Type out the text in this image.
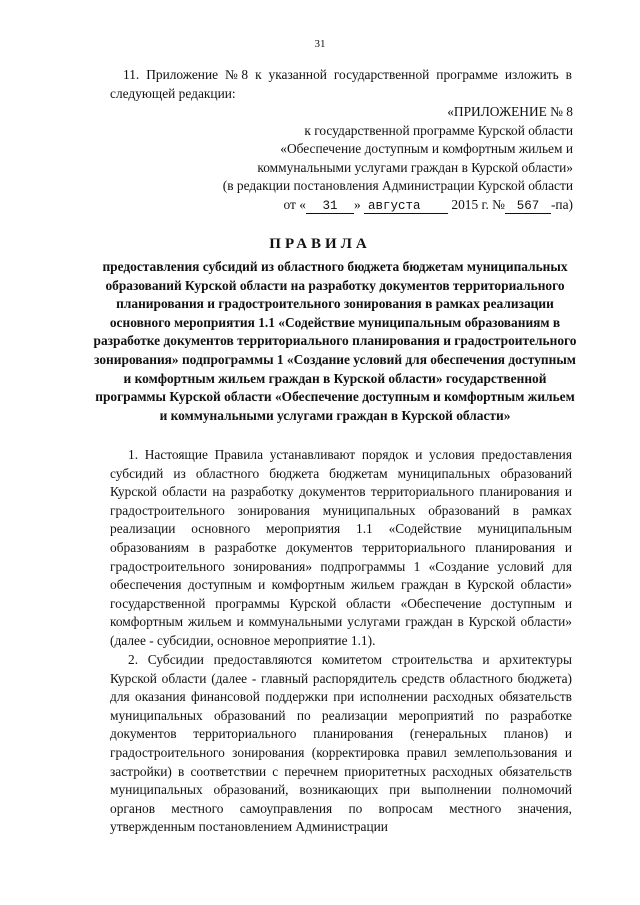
31

11. Приложение №8 к указанной государственной программе изложить в следующей редакции:

«ПРИЛОЖЕНИЕ № 8
к государственной программе Курской области
«Обеспечение доступным и комфортным жильем и
коммунальными услугами граждан в Курской области»
(в редакции постановления Администрации Курской области
от « 31 » августа 2015 г. № 567 -па)
ПРАВИЛА

предоставления субсидий из областного бюджета бюджетам муниципальных образований Курской области на разработку документов территориального планирования и градостроительного зонирования в рамках реализации основного мероприятия 1.1 «Содействие муниципальным образованиям в разработке документов территориального планирования и градостроительного зонирования» подпрограммы 1 «Создание условий для обеспечения доступным и комфортным жильем граждан в Курской области» государственной программы Курской области «Обеспечение доступным и комфортным жильем и коммунальными услугами граждан в Курской области»

1. Настоящие Правила устанавливают порядок и условия предоставления субсидий из областного бюджета бюджетам муниципальных образований Курской области на разработку документов территориального планирования и градостроительного зонирования муниципальных образований в рамках реализации основного мероприятия 1.1 «Содействие муниципальным образованиям в разработке документов территориального планирования и градостроительного зонирования» подпрограммы 1 «Создание условий для обеспечения доступным и комфортным жильем граждан в Курской области» государственной программы Курской области «Обеспечение доступным и комфортным жильем и коммунальными услугами граждан в Курской области» (далее - субсидии, основное мероприятие 1.1).

2. Субсидии предоставляются комитетом строительства и архитектуры Курской области (далее - главный распорядитель средств областного бюджета) для оказания финансовой поддержки при исполнении расходных обязательств муниципальных образований по реализации мероприятий по разработке документов территориального планирования (генеральных планов) и градостроительного зонирования (корректировка правил землепользования и застройки) в соответствии с перечнем приоритетных расходных обязательств муниципальных образований, возникающих при выполнении полномочий органов местного самоуправления по вопросам местного значения, утвержденным постановлением Администрации
